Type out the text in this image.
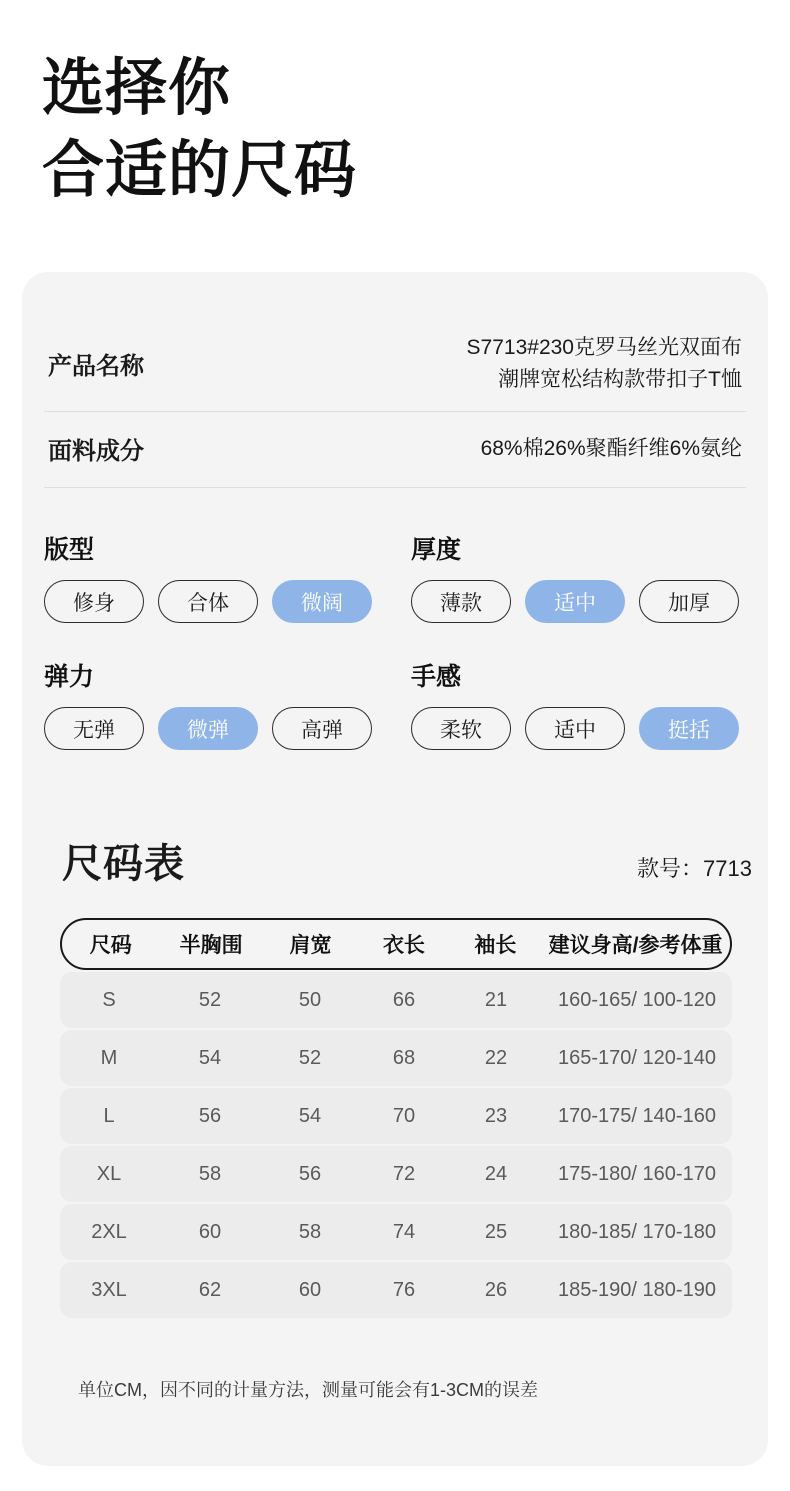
选择你
合适的尺码
产品名称
S7713#230克罗马丝光双面布
潮牌宽松结构款带扣子T恤
面料成分	68%棉26%聚酯纤维6%氨纶
版型
修身	合体	微阔
厚度
薄款	适中	加厚
弹力
无弹	微弹	高弹
手感
柔软	适中	挺括
尺码表	款号：7713
尺码	半胸围	肩宽	衣长	袖长	建议身高/参考体重
S	52	50	66	21	160-165/ 100-120
M	54	52	68	22	165-170/ 120-140
L	56	54	70	23	170-175/ 140-160
XL	58	56	72	24	175-180/ 160-170
2XL	60	58	74	25	180-185/ 170-180
3XL	62	60	76	26	185-190/ 180-190
单位CM，因不同的计量方法，测量可能会有1-3CM的误差
